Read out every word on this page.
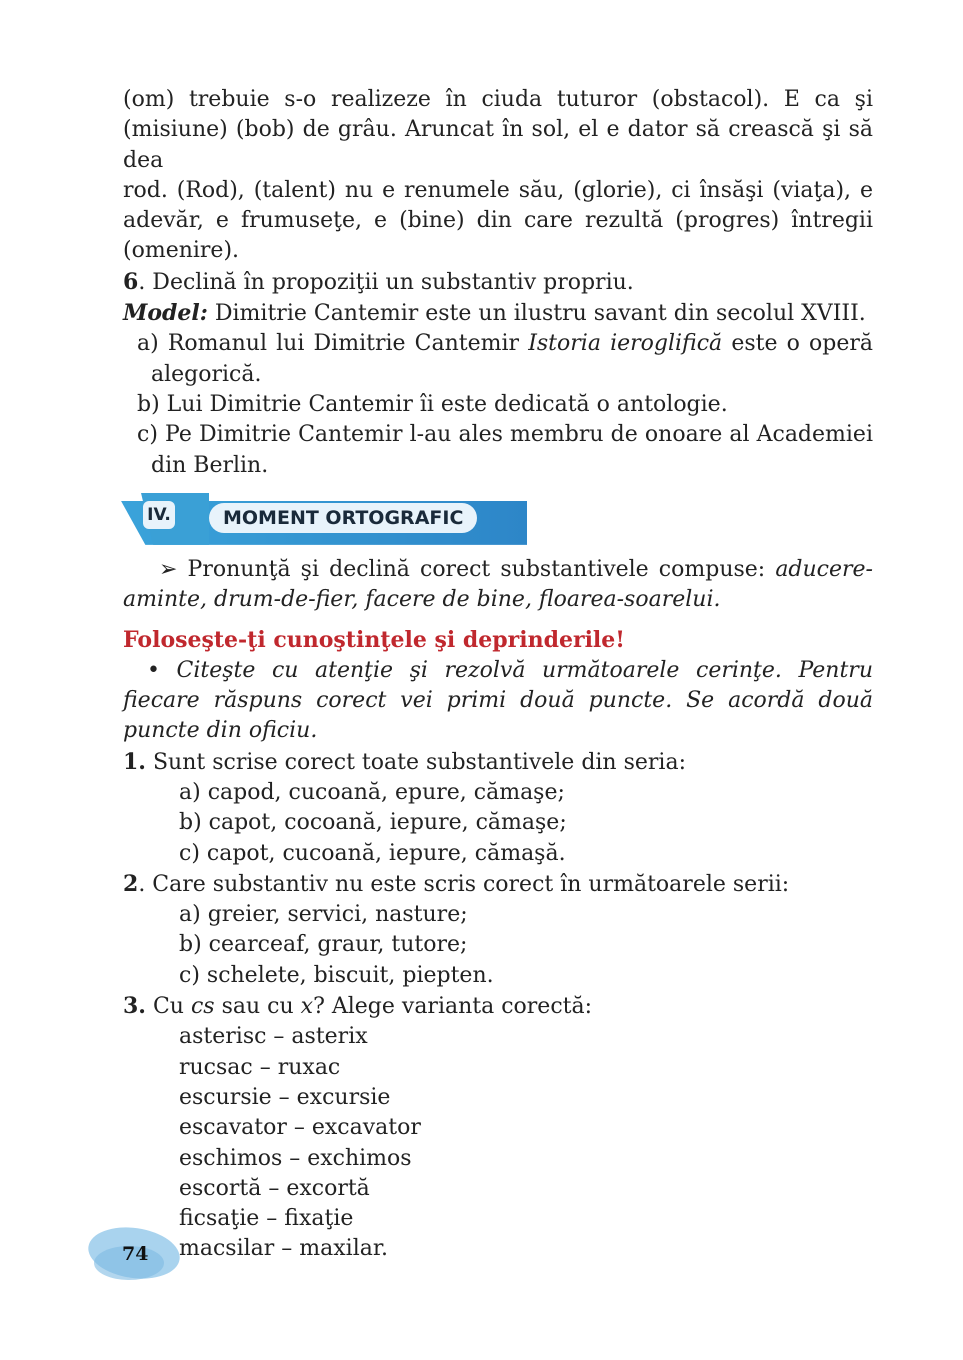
(om) trebuie s-o realizeze în ciuda tuturor (obstacol). E ca şi

(misiune) (bob) de grâu. Aruncat în sol, el e dator să crească şi să dea

rod. (Rod), (talent) nu e renumele său, (glorie), ci însăşi (viaţa), e

adevăr, e frumuseţe, e (bine) din care rezultă (progres) întregii

(omenire).

6. Declină în propoziţii un substantiv propriu.

Model: Dimitrie Cantemir este un ilustru savant din secolul XVIII.

a) Romanul lui Dimitrie Cantemir Istoria ieroglifică este o operă alegorică.

b) Lui Dimitrie Cantemir îi este dedicată o antologie.

c) Pe Dimitrie Cantemir l-au ales membru de onoare al Academiei din Berlin.

IV.	MOMENT ORTOGRAFIC

➢ Pronunţă şi declină corect substantivele compuse: aducere-aminte, drum-de-fier, facere de bine, floarea-soarelui.

Foloseşte-ţi cunoştinţele şi deprinderile!

• Citeşte cu atenţie şi rezolvă următoarele cerinţe. Pentru fiecare răspuns corect vei primi două puncte. Se acordă două puncte din oficiu.

1. Sunt scrise corect toate substantivele din seria:

a) capod, cucoană, epure, cămaşe;

b) capot, cocoană, iepure, cămaşe;

c) capot, cucoană, iepure, cămaşă.

2. Care substantiv nu este scris corect în următoarele serii:

a) greier, servici, nasture;

b) cearceaf, graur, tutore;

c) schelete, biscuit, piepten.

3. Cu cs sau cu x? Alege varianta corectă:

asterisc – asterix

rucsac – ruxac

escursie – excursie

escavator – excavator

eschimos – exchimos

escortă – excortă

ficsaţie – fixaţie

macsilar – maxilar.

74
